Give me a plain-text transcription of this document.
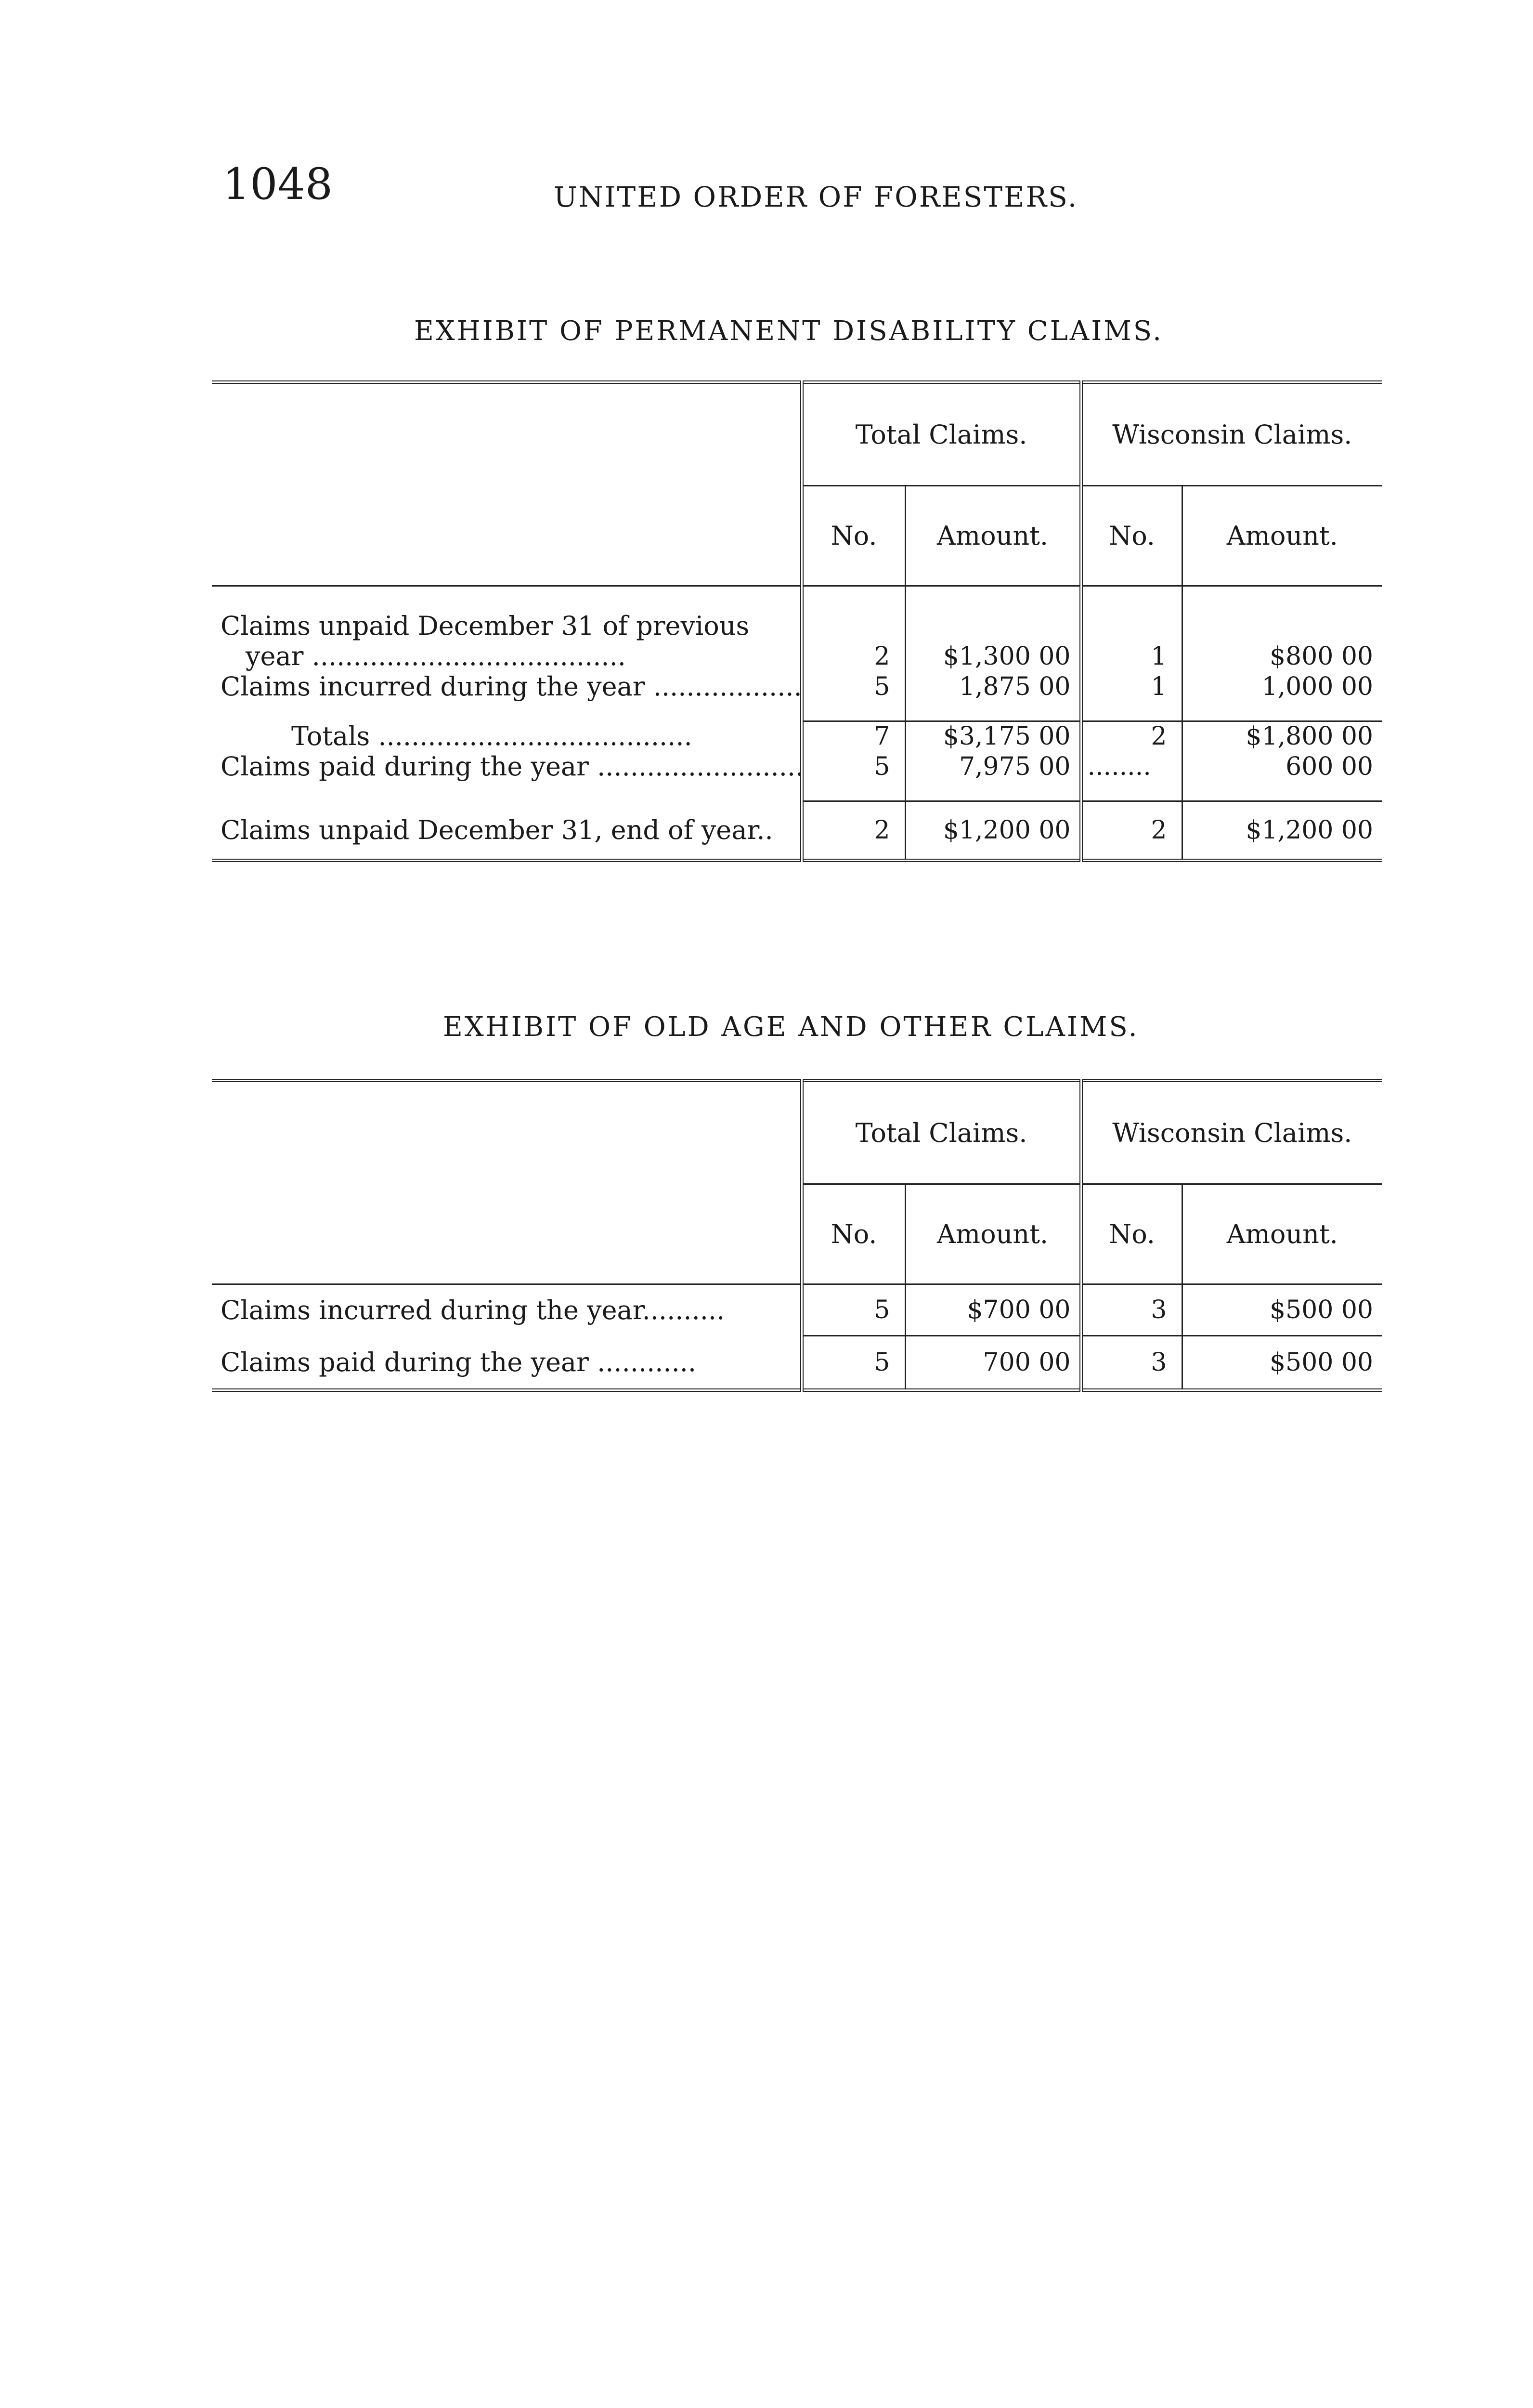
1048	UNITED ORDER OF FORESTERS.
EXHIBIT OF PERMANENT DISABILITY CLAIMS.
	Total Claims.		Wisconsin Claims.	
	No.	Amount.	No.	Amount.

Claims unpaid December 31 of previous				
year .....	2	$1,300 00	1	$800 00
Claims incurred during the year .....	5	1,875 00	1	1,000 00

Totals .....	7	$3,175 00	2	$1,800 00
Claims paid during the year .....	5	7,975 00	........	600 00

Claims unpaid December 31, end of year..	2	$1,200 00	2	$1,200 00
EXHIBIT OF OLD AGE AND OTHER CLAIMS.
	Total Claims.		Wisconsin Claims.	
	No.	Amount.	No.	Amount.
Claims incurred during the year..........	5	$700 00	3	$500 00
Claims paid during the year ............	5	700 00	3	$500 00
